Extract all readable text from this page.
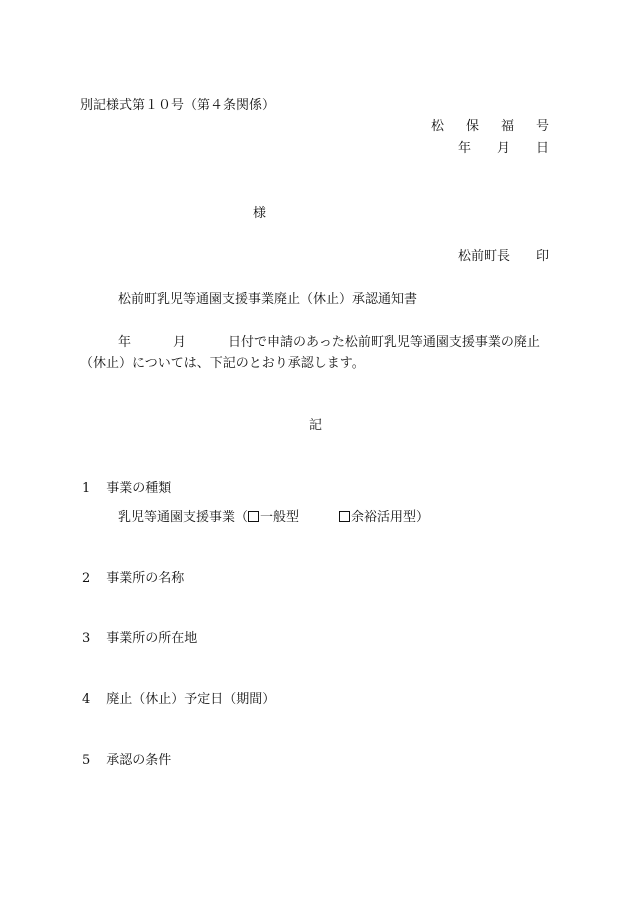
別記様式第１０号（第４条関係）
松 保 福 号
年 月 日
様
松前町長 印
松前町乳児等通園支援事業廃止（休止）承認通知書
年	月	日付で申請のあった松前町乳児等通園支援事業の廃止
（休止）については、下記のとおり承認します。
記
1 事業の種類
乳児等通園支援事業（ 一般型	余裕活用型）
2 事業所の名称
3 事業所の所在地
4 廃止（休止）予定日（期間）
5 承認の条件
